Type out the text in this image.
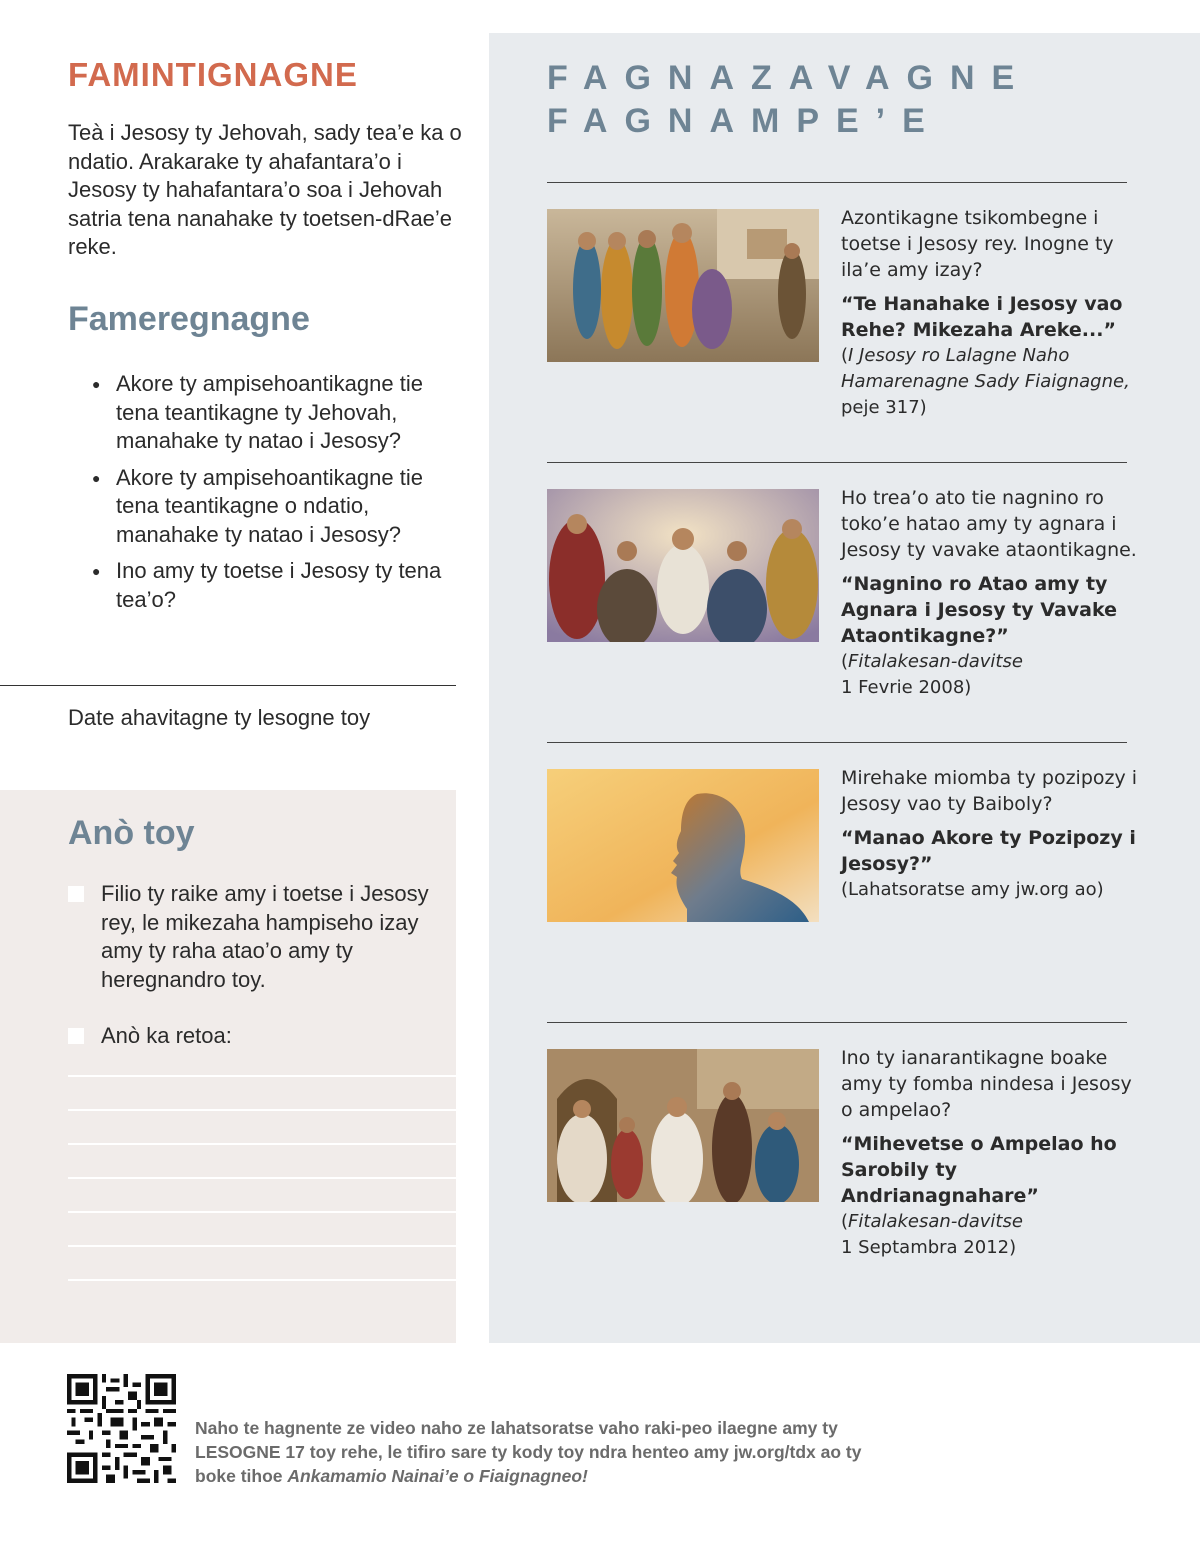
FAMINTIGNAGNE

Teà i Jesosy ty Jehovah, sady tea’e ka o ndatio. Arakarake ty ahafantara’o i Jesosy ty hahafantara’o soa i Jehovah satria tena nanahake ty toetsen-dRae’e reke.

Fameregnagne
● Akore ty ampisehoantikagne tie tena teantikagne ty Jehovah, manahake ty natao i Jesosy?
● Akore ty ampisehoantikagne tie tena teantikagne o ndatio, manahake ty natao i Jesosy?
● Ino amy ty toetse i Jesosy ty tena tea’o?
Date ahavitagne ty lesogne toy
Anò toy
Filio ty raike amy i toetse i Jesosy rey, le mikezaha hampiseho izay amy ty raha atao’o amy ty heregnandro toy.
Anò ka retoa:
FAGNAZAVAGNE
FAGNAMPE’E

Azontikagne tsikombegne i toetse i Jesosy rey. Inogne ty ila’e amy izay?

“Te Hanahake i Jesosy vao Rehe? Mikezaha Areke...”

(I Jesosy ro Lalagne Naho Hamarenagne Sady Fiaignagne,
peje 317)

Ho trea’o ato tie nagnino ro toko’e hatao amy ty agnara i Jesosy ty vavake ataontikagne.

“Nagnino ro Atao amy ty Agnara i Jesosy ty Vavake Ataontikagne?”

(Fitalakesan-davitse
1 Fevrie 2008)

Mirehake miomba ty pozipozy i Jesosy vao ty Baiboly?

“Manao Akore ty Pozipozy i Jesosy?”

(Lahatsoratse amy jw.org ao)

Ino ty ianarantikagne boake amy ty fomba nindesa i Jesosy o ampelao?

“Mihevetse o Ampelao ho Sarobily ty Andrianagnahare”

(Fitalakesan-davitse
1 Septambra 2012)

Naho te hagnente ze video naho ze lahatsoratse vaho raki-peo ilaegne amy ty LESOGNE 17 toy rehe, le tifiro sare ty kody toy ndra henteo amy jw.org/tdx ao ty boke tihoe Ankamamio Nainai’e o Fiaignagneo!
